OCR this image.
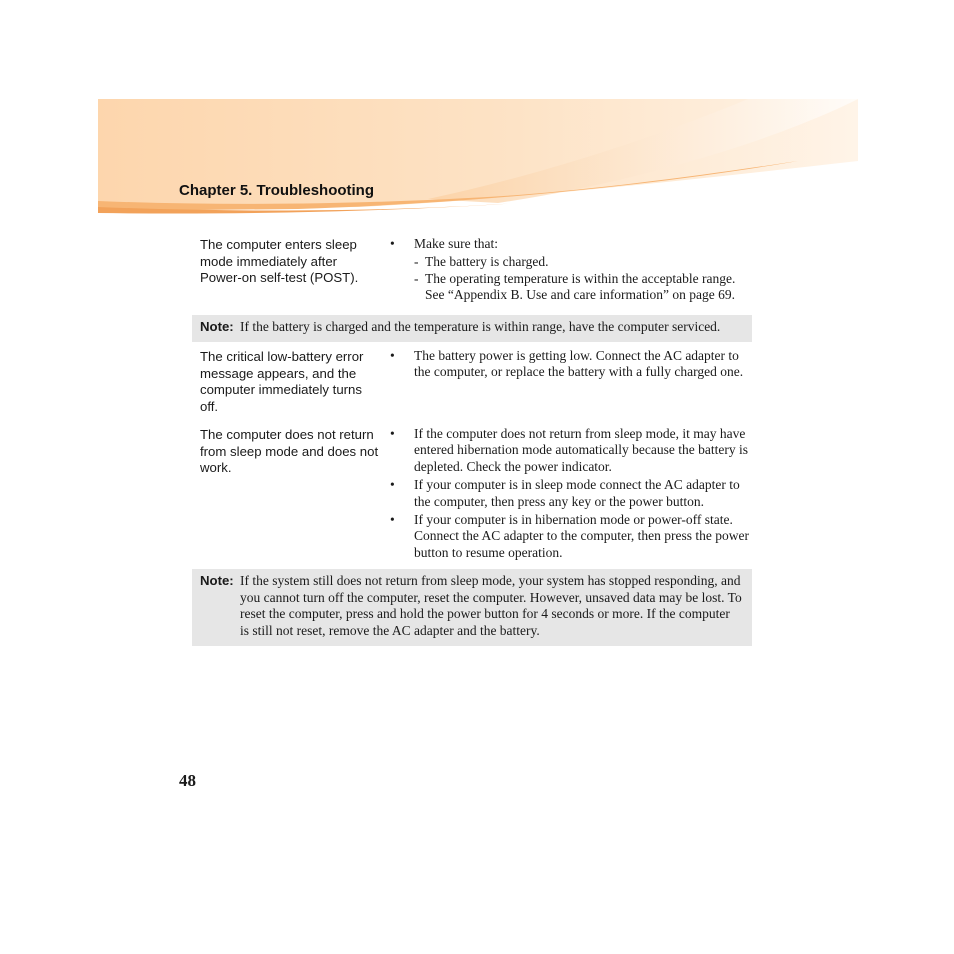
Chapter 5. Troubleshooting
The computer enters sleep mode immediately after Power-on self-test (POST).
•	Make sure that:
- The battery is charged.
- The operating temperature is within the acceptable range. See “Appendix B. Use and care information” on page 69.
Note: If the battery is charged and the temperature is within range, have the computer serviced.
The critical low-battery error message appears, and the computer immediately turns off.
•	The battery power is getting low. Connect the AC adapter to the computer, or replace the battery with a fully charged one.
The computer does not return from sleep mode and does not work.
•	If the computer does not return from sleep mode, it may have entered hibernation mode automatically because the battery is depleted. Check the power indicator.
•	If your computer is in sleep mode connect the AC adapter to the computer, then press any key or the power button.
•	If your computer is in hibernation mode or power-off state. Connect the AC adapter to the computer, then press the power button to resume operation.
Note: If the system still does not return from sleep mode, your system has stopped responding, and you cannot turn off the computer, reset the computer. However, unsaved data may be lost. To reset the computer, press and hold the power button for 4 seconds or more. If the computer is still not reset, remove the AC adapter and the battery.
48
